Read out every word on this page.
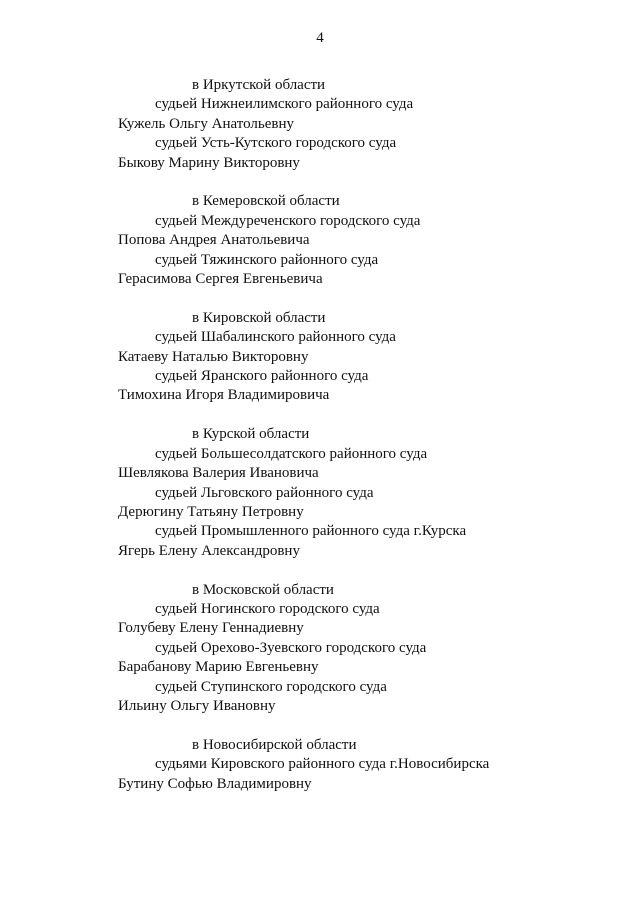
4
в Иркутской области
судьей Нижнеилимского районного суда
Кужель Ольгу Анатольевну
судьей Усть-Кутского городского суда
Быкову Марину Викторовну
в Кемеровской области
судьей Междуреченского городского суда
Попова Андрея Анатольевича
судьей Тяжинского районного суда
Герасимова Сергея Евгеньевича
в Кировской области
судьей Шабалинского районного суда
Катаеву Наталью Викторовну
судьей Яранского районного суда
Тимохина Игоря Владимировича
в Курской области
судьей Большесолдатского районного суда
Шевлякова Валерия Ивановича
судьей Льговского районного суда
Дерюгину Татьяну Петровну
судьей Промышленного районного суда г.Курска
Ягерь Елену Александровну
в Московской области
судьей Ногинского городского суда
Голубеву Елену Геннадиевну
судьей Орехово-Зуевского городского суда
Барабанову Марию Евгеньевну
судьей Ступинского городского суда
Ильину Ольгу Ивановну
в Новосибирской области
судьями Кировского районного суда г.Новосибирска
Бутину Софью Владимировну
